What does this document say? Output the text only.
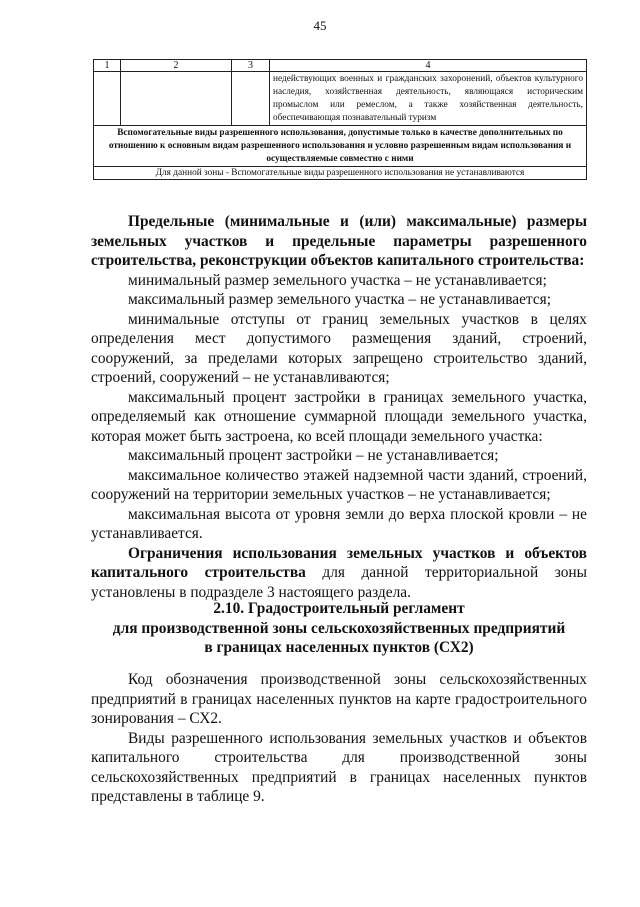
45
1	2	3	4
			недействующих военных и гражданских захоронений, объектов культурного наследия, хозяйственная деятельность, являющаяся историческим промыслом или ремеслом, а также хозяйственная деятельность, обеспечивающая познавательный туризм
Вспомогательные виды разрешенного использования, допустимые только в качестве дополнительных по отношению к основным видам разрешенного использования и условно разрешенным видам использования и осуществляемые совместно с ними			
Для данной зоны - Вспомогательные виды разрешенного использования не устанавливаются			

Предельные (минимальные и (или) максимальные) размеры земельных участков и предельные параметры разрешенного строительства, реконструкции объектов капитального строительства:

минимальный размер земельного участка – не устанавливается;

максимальный размер земельного участка – не устанавливается;

минимальные отступы от границ земельных участков в целях определения мест допустимого размещения зданий, строений, сооружений, за пределами которых запрещено строительство зданий, строений, сооружений – не устанавливаются;

максимальный процент застройки в границах земельного участка, определяемый как отношение суммарной площади земельного участка, которая может быть застроена, ко всей площади земельного участка:

максимальный процент застройки – не устанавливается;

максимальное количество этажей надземной части зданий, строений, сооружений на территории земельных участков – не устанавливается;

максимальная высота от уровня земли до верха плоской кровли – не устанавливается.

Ограничения использования земельных участков и объектов капитального строительства для данной территориальной зоны установлены в подразделе 3 настоящего раздела.

2.10. Градостроительный регламент
для производственной зоны сельскохозяйственных предприятий
в границах населенных пунктов (СХ2)

Код обозначения производственной зоны сельскохозяйственных предприятий в границах населенных пунктов на карте градостроительного зонирования – СХ2.

Виды разрешенного использования земельных участков и объектов капитального строительства для производственной зоны сельскохозяйственных предприятий в границах населенных пунктов представлены в таблице 9.
